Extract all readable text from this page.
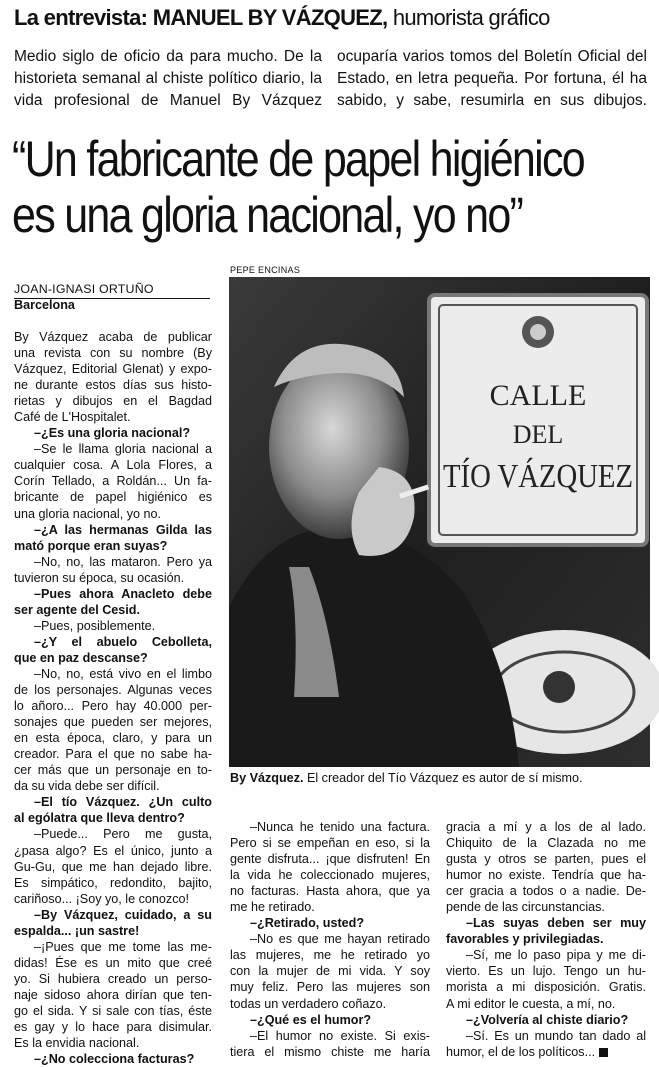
La entrevista: MANUEL BY VÁZQUEZ, humorista gráfico

Medio siglo de oficio da para mucho. De la

historieta semanal al chiste político diario, la

vida profesional de Manuel By Vázquez

ocuparía varios tomos del Boletín Oficial del

Estado, en letra pequeña. Por fortuna, él ha

sabido, y sabe, resumirla en sus dibujos.

“Un fabricante de papel higiénico
es una gloria nacional, yo no”
JOAN-IGNASI ORTUÑO
Barcelona

By Vázquez acaba de publicar

una revista con su nombre (By

Vázquez, Editorial Glenat) y expo-

ne durante estos días sus histo-

rietas y dibujos en el Bagdad

Café de L'Hospitalet.

–¿Es una gloria nacional?

–Se le llama gloria nacional a

cualquier cosa. A Lola Flores, a

Corín Tellado, a Roldán... Un fa-

bricante de papel higiénico es

una gloria nacional, yo no.

–¿A las hermanas Gilda las

mató porque eran suyas?

–No, no, las mataron. Pero ya

tuvieron su época, su ocasión.

–Pues ahora Anacleto debe

ser agente del Cesid.

–Pues, posiblemente.

–¿Y el abuelo Cebolleta,

que en paz descanse?

–No, no, está vivo en el limbo

de los personajes. Algunas veces

lo añoro... Pero hay 40.000 per-

sonajes que pueden ser mejores,

en esta época, claro, y para un

creador. Para el que no sabe ha-

cer más que un personaje en to-

da su vida debe ser difícil.

–El tío Vázquez. ¿Un culto

al ególatra que lleva dentro?

–Puede... Pero me gusta,

¿pasa algo? Es el único, junto a

Gu-Gu, que me han dejado libre.

Es simpático, redondito, bajito,

cariñoso... ¡Soy yo, le conozco!

–By Vázquez, cuidado, a su

espalda... ¡un sastre!

–¡Pues que me tome las me-

didas! Ése es un mito que creé

yo. Si hubiera creado un perso-

naje sidoso ahora dirían que ten-

go el sida. Y si sale con tías, éste

es gay y lo hace para disimular.

Es la envidia nacional.

–¿No colecciona facturas?

PEPE ENCINAS
CALLE
DEL
TÍO VÁZQUEZ
By Vázquez. El creador del Tío Vázquez es autor de sí mismo.

–Nunca he tenido una factura.

Pero si se empeñan en eso, si la

gente disfruta... ¡que disfruten! En

la vida he coleccionado mujeres,

no facturas. Hasta ahora, que ya

me he retirado.

–¿Retirado, usted?

–No es que me hayan retirado

las mujeres, me he retirado yo

con la mujer de mi vida. Y soy

muy feliz. Pero las mujeres son

todas un verdadero coñazo.

–¿Qué es el humor?

–El humor no existe. Si exis-

tiera el mismo chiste me haría

gracia a mí y a los de al lado.

Chiquito de la Clazada no me

gusta y otros se parten, pues el

humor no existe. Tendría que ha-

cer gracia a todos o a nadie. De-

pende de las circunstancias.

–Las suyas deben ser muy

favorables y privilegiadas.

–Sí, me lo paso pipa y me di-

vierto. Es un lujo. Tengo un hu-

morista a mi disposición. Gratis.

A mi editor le cuesta, a mí, no.

–¿Volvería al chiste diario?

–Sí. Es un mundo tan dado al

humor, el de los políticos...
